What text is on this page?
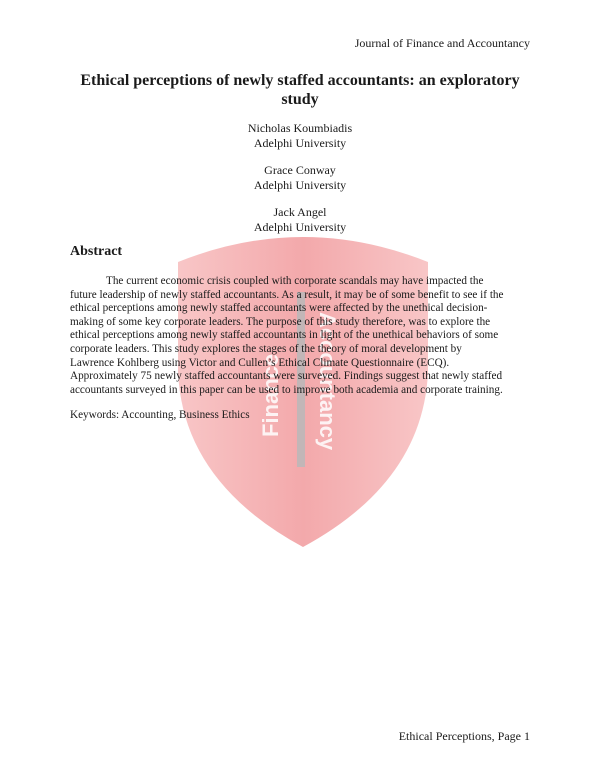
Finance Accountancy
Journal of Finance and Accountancy
Ethical perceptions of newly staffed accountants: an exploratory study
Nicholas Koumbiadis
Adelphi University
Grace Conway
Adelphi University
Jack Angel
Adelphi University
Abstract
The current economic crisis coupled with corporate scandals may have impacted the
future leadership of newly staffed accountants. As a result, it may be of some benefit to see if the
ethical perceptions among newly staffed accountants were affected by the unethical decision-
making of some key corporate leaders. The purpose of this study therefore, was to explore the
ethical perceptions among newly staffed accountants in light of the unethical behaviors of some
corporate leaders. This study explores the stages of the theory of moral development by
Lawrence Kohlberg using Victor and Cullen’s Ethical Climate Questionnaire (ECQ).
Approximately 75 newly staffed accountants were surveyed. Findings suggest that newly staffed
accountants surveyed in this paper can be used to improve both academia and corporate training.
Keywords: Accounting, Business Ethics
Ethical Perceptions, Page 1
